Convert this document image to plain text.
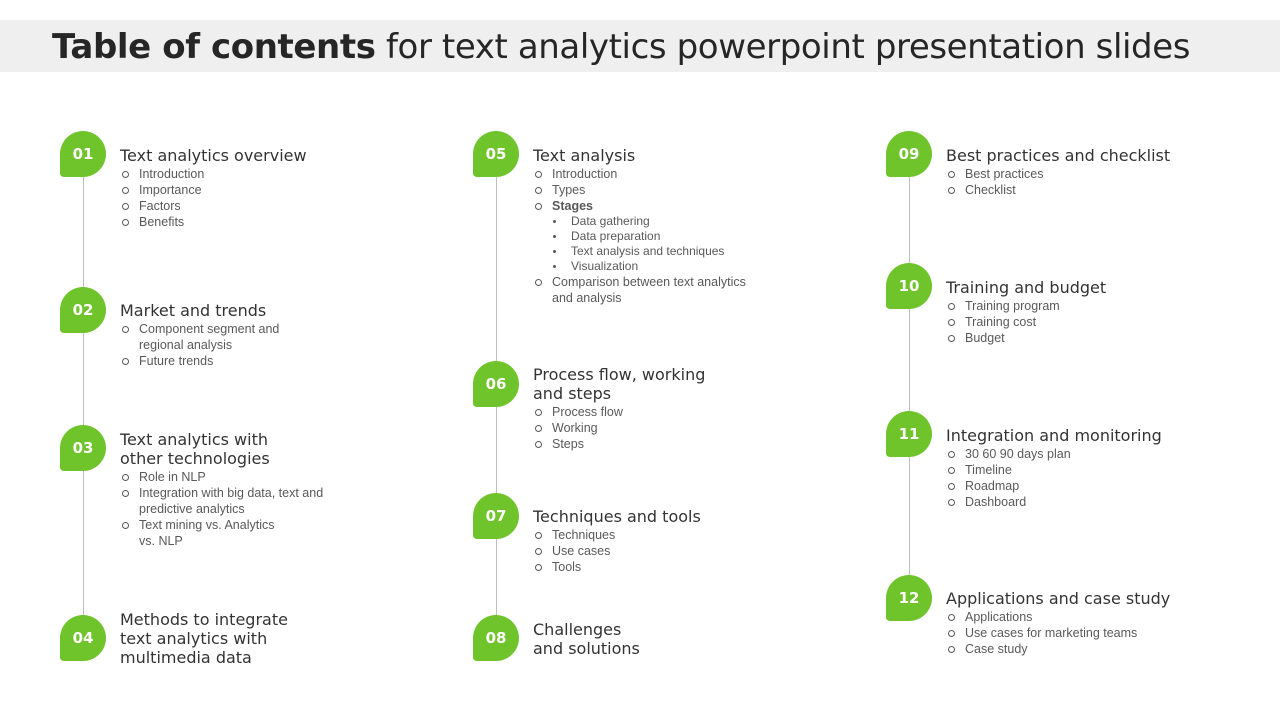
Table of contents for text analytics powerpoint presentation slides
01	Text analytics overview

Introduction
Importance
Factors
Benefits
02	Market and trends

Component segment and
regional analysis
Future trends
03	Text analytics with
other technologies

Role in NLP
Integration with big data, text and
predictive analytics
Text mining vs. Analytics
vs. NLP
04

Methods to integrate
text analytics with
multimedia data

05	Text analysis

Introduction
Types
Stages
Data gathering
Data preparation
Text analysis and techniques
Visualization
Comparison between text analytics
and analysis
06	Process flow, working
and steps

Process flow
Working
Steps
07	Techniques and tools

Techniques
Use cases
Tools
08	Challenges
and solutions

09	Best practices and checklist

Best practices
Checklist
10	Training and budget

Training program
Training cost
Budget
11	Integration and monitoring

30 60 90 days plan
Timeline
Roadmap
Dashboard
12	Applications and case study

Applications
Use cases for marketing teams
Case study
